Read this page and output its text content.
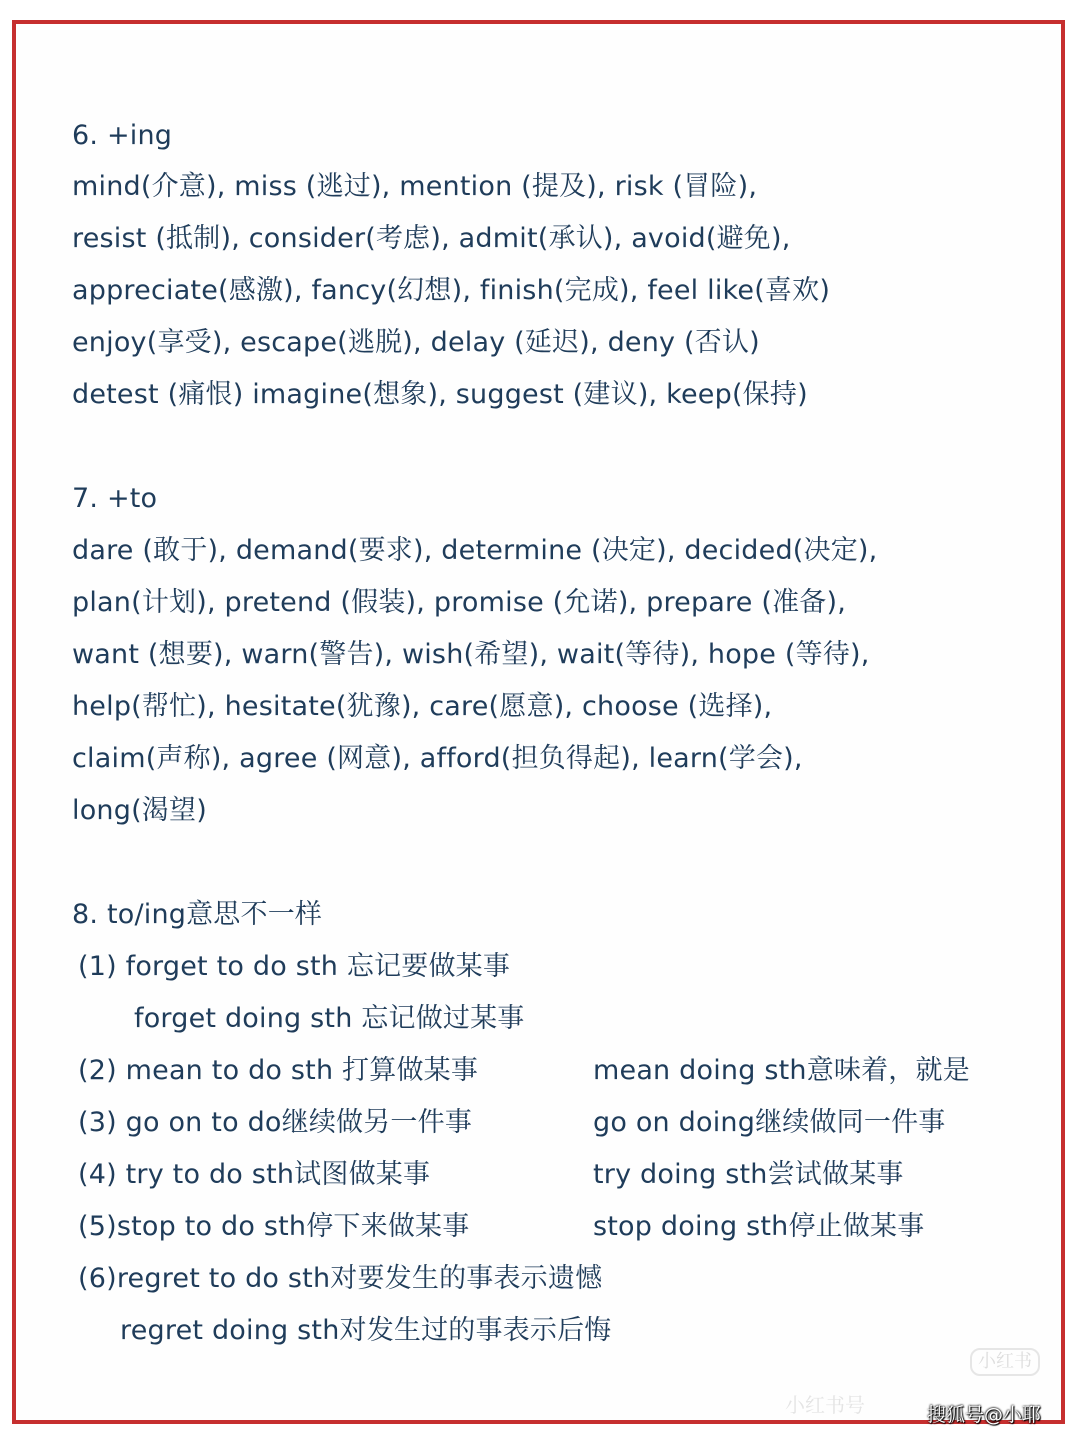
6. +ing
mind(介意), miss (逃过), mention (提及), risk (冒险),
resist (抵制), consider(考虑), admit(承认), avoid(避免),
appreciate(感激), fancy(幻想), finish(完成), feel like(喜欢)
enjoy(享受), escape(逃脱), delay (延迟), deny (否认)
detest (痛恨) imagine(想象), suggest (建议), keep(保持)
7. +to
dare (敢于), demand(要求), determine (决定), decided(决定),
plan(计划), pretend (假装), promise (允诺), prepare (准备),
want (想要), warn(警告), wish(希望), wait(等待), hope (等待),
help(帮忙), hesitate(犹豫), care(愿意), choose (选择),
claim(声称), agree (网意), afford(担负得起), learn(学会),
long(渴望)
8. to/ing意思不一样
(1) forget to do sth 忘记要做某事
forget doing sth 忘记做过某事
(2) mean to do sth 打算做某事	mean doing sth意味着，就是
(3) go on to do继续做另一件事	go on doing继续做同一件事
(4) try to do sth试图做某事	try doing sth尝试做某事
(5)stop to do sth停下来做某事	stop doing sth停止做某事
(6)regret to do sth对要发生的事表示遗憾
regret doing sth对发生过的事表示后悔
小红书
小红书号	搜狐号@小耶
